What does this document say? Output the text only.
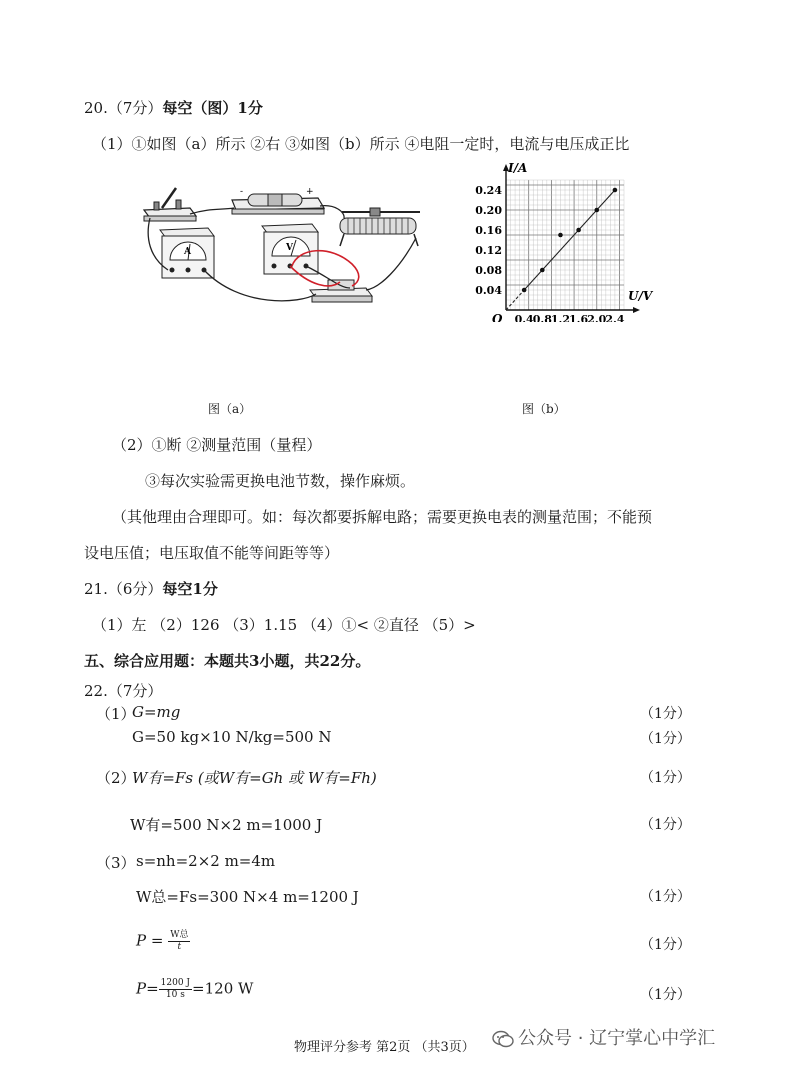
20.（7分）每空（图）1分
（1）①如图（a）所示 ②右 ③如图（b）所示 ④电阻一定时，电流与电压成正比
-	+
A	V
0.4 0.8 1.2 1.6 2.0 2.4
0.04
0.08
0.12
0.16
0.20
0.24
I/A
U/V
O
图（a）	图（b）
（2）①断 ②测量范围（量程）
③每次实验需更换电池节数，操作麻烦。
（其他理由合理即可。如：每次都要拆解电路；需要更换电表的测量范围；不能预
设电压值；电压取值不能等间距等等）
21.（6分）每空1分
（1）左 （2）126 （3）1.15 （4）①< ②直径 （5）>
五、综合应用题：本题共3小题，共22分。
22.（7分）
（1）
G=mg	（1分）
G=50 kg×10 N/kg=500 N	（1分）
（2）
W有=Fs (或W有=Gh 或 W有=Fh)	（1分）
W有=500 N×2 m=1000 J	（1分）
（3） s=nh=2×2 m=4m
W总=Fs=300 N×4 m=1200 J	（1分）
$P = \frac{\text{W总}}{t}$	（1分）
$P= \frac{1200 J}{10 s} =120$ W	（1分）
物理评分参考 第2页 （共3页）	公众号 · 辽宁掌心中学汇
